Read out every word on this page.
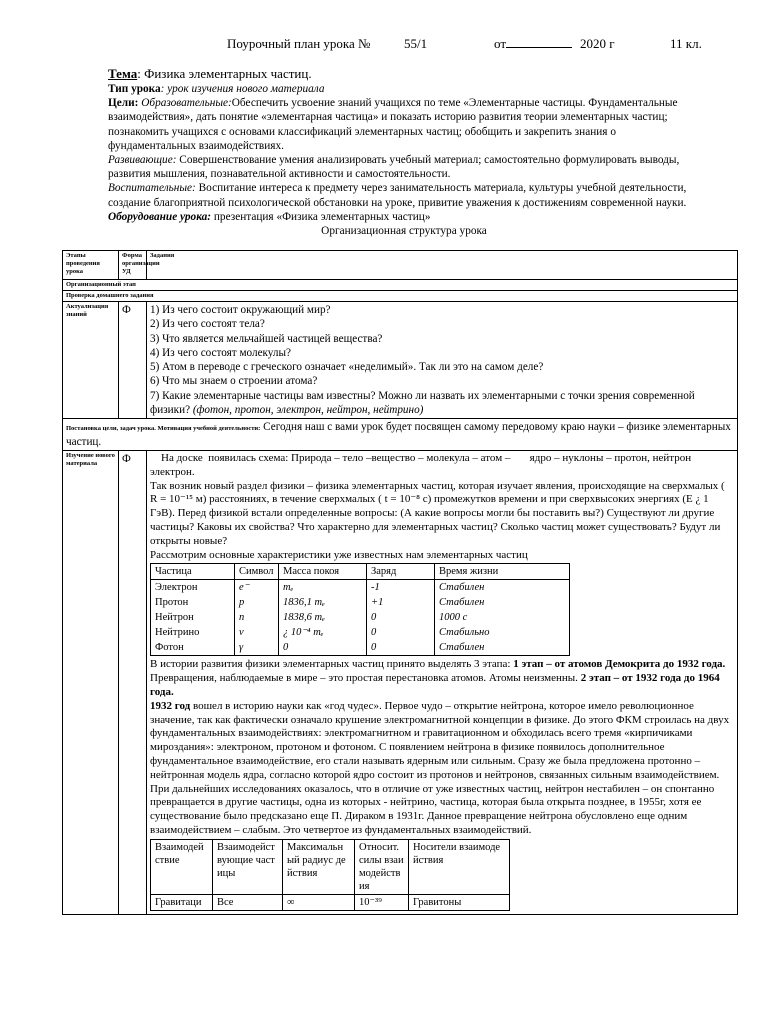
Поурочный план урока №	55/1	от	2020 г	11 кл.
Тема: Физика элементарных частиц.
Тип урока: урок изучения нового материала
Цели: Образовательные:Обеспечить усвоение знаний учащихся по теме «Элементарные частицы. Фундаментальные взаимодействия», дать понятие «элементарная частица» и показать историю развития теории элементарных частиц; познакомить учащихся с основами классификаций элементарных частиц; обобщить и закрепить знания о фундаментальных взаимодействиях.
Развивающие: Совершенствование умения анализировать учебный материал; самостоятельно формулировать выводы, развития мышления, познавательной активности и самостоятельности.
Воспитательные: Воспитание интереса к предмету через занимательность материала, культуры учебной деятельности, создание благоприятной психологической обстановки на уроке, привитие уважения к достижениям современной науки.
Оборудование урока: презентация «Физика элементарных частиц»
Организационная структура урока
Этапы проведения урока	Форма организации УД	Задания
Организационный этап
Проверка домашнего задания
Актуализация знаний	Ф	1) Из чего состоит окружающий мир?
2) Из чего состоят тела?
3) Что является мельчайшей частицей вещества?
4) Из чего состоят молекулы?
5) Атом в переводе с греческого означает «неделимый». Так ли это на самом деле?
6) Что мы знаем о строении атома?
7) Какие элементарные частицы вам известны? Можно ли назвать их элементарными с точки зрения современной физики? (фотон, протон, электрон, нейтрон, нейтрино)

Постановка цели, задач урока. Мотивация учебной деятельности: Сегодня наш с вами урок будет посвящен самому передовому краю науки – физике элементарных частиц.
Изучение нового материала	Ф	На доске  появилась схема: Природа – тело –вещество – молекула – атом –       ядро – нуклоны – протон, нейтрон электрон.

Так возник новый раздел физики – физика элементарных частиц, которая изучает явления, происходящие на сверхмалых ( R = 10⁻¹⁵ м) расстояниях, в течение сверхмалых ( t = 10⁻⁸ с) промежутков времени и при сверхвысоких энергиях (Е ¿ 1 ГэВ). Перед физикой встали определенные вопросы: (А какие вопросы могли бы поставить вы?) Существуют ли другие частицы? Каковы их свойства? Что характерно для элементарных частиц? Сколько частиц может существовать? Будут ли открыты новые?

Рассмотрим основные характеристики уже известных нам элементарных частиц

Частица	Символ	Масса покоя	Заряд	Время жизни
Электрон	e⁻	mₑ	-1	Стабилен
Протон	p	1836,1 mₑ	+1	Стабилен
Нейтрон	n	1838,6 mₑ	0	1000 с
Нейтрино	ν	¿ 10⁻⁴ mₑ	0	Стабильно
Фотон	γ	0	0	Стабилен

В истории развития физики элементарных частиц принято выделять 3 этапа: 1 этап – от атомов Демокрита до 1932 года.

Превращения, наблюдаемые в мире – это простая перестановка атомов. Атомы неизменны. 2 этап – от 1932 года до 1964 года.

1932 год вошел в историю науки как «год чудес». Первое чудо – открытие нейтрона, которое имело революционное значение, так как фактически означало крушение электромагнитной концепции в физике. До этого ФКМ строилась на двух фундаментальных взаимодействиях: электромагнитном и гравитационном и обходилась всего тремя «кирпичиками мироздания»: электроном, протоном и фотоном. С появлением нейтрона в физике появилось дополнительное фундаментальное взаимодействие, его стали называть ядерным или сильным. Сразу же была предложена протонно – нейтронная модель ядра, согласно которой ядро состоит из протонов и нейтронов, связанных сильным взаимодействием.

При дальнейших исследованиях оказалось, что в отличие от уже известных частиц, нейтрон нестабилен – он спонтанно превращается в другие частицы, одна из которых - нейтрино, частица, которая была открыта позднее, в 1955г, хотя ее существование было предсказано еще П. Дираком в 1931г. Данное превращение нейтрона обусловлено еще одним взаимодействием – слабым. Это четвертое из фундаментальных взаимодействий.

Взаимодействие	Взаимодействующие частицы	Максимальный радиус действия	Относит. силы взаимодействия	Носители взаимодействия
Гравитаци	Все	∞	10⁻³⁹	Гравитоны
